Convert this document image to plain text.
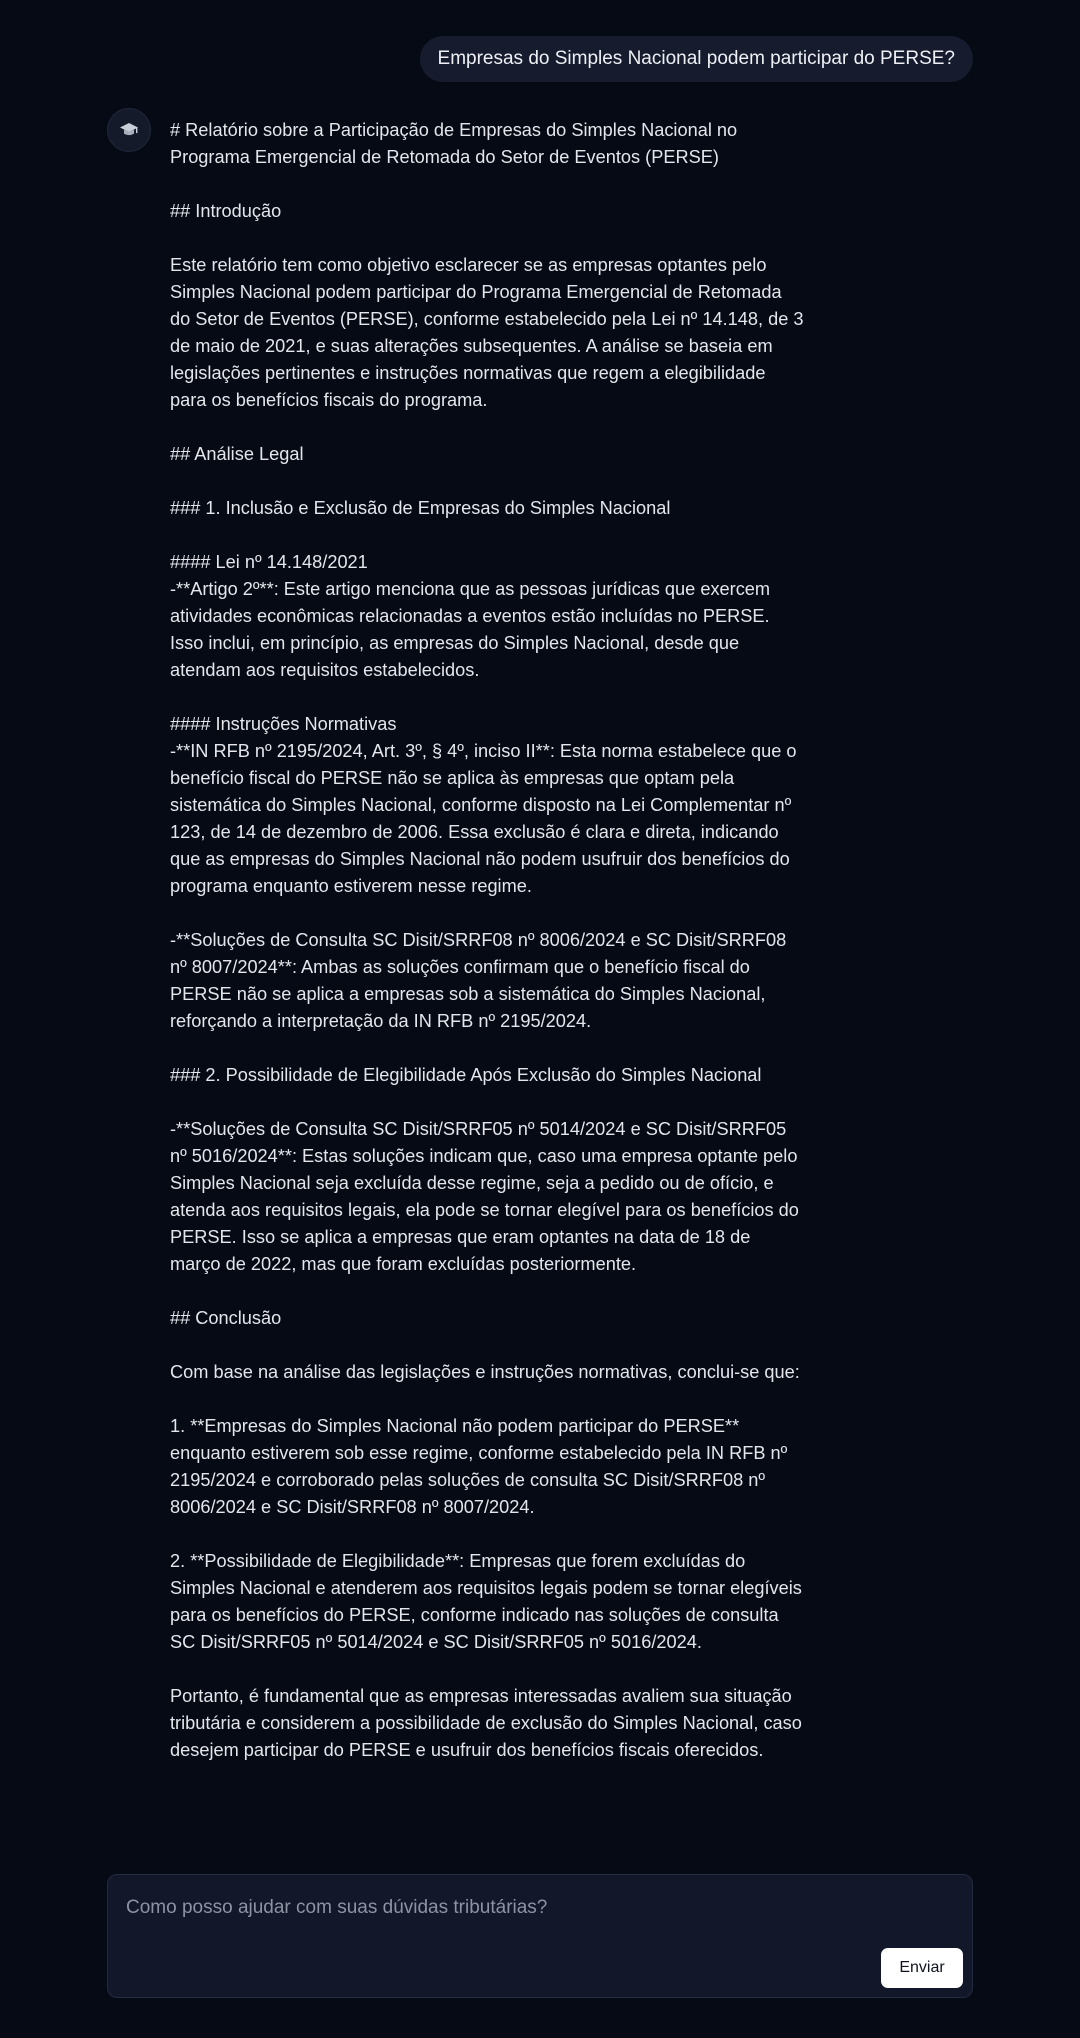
Empresas do Simples Nacional podem participar do PERSE?

# Relatório sobre a Participação de Empresas do Simples Nacional no Programa Emergencial de Retomada do Setor de Eventos (PERSE)

## Introdução

Este relatório tem como objetivo esclarecer se as empresas optantes pelo Simples Nacional podem participar do Programa Emergencial de Retomada do Setor de Eventos (PERSE), conforme estabelecido pela Lei nº 14.148, de 3 de maio de 2021, e suas alterações subsequentes. A análise se baseia em legislações pertinentes e instruções normativas que regem a elegibilidade para os benefícios fiscais do programa.

## Análise Legal

### 1. Inclusão e Exclusão de Empresas do Simples Nacional

#### Lei nº 14.148/2021
-**Artigo 2º**: Este artigo menciona que as pessoas jurídicas que exercem atividades econômicas relacionadas a eventos estão incluídas no PERSE. Isso inclui, em princípio, as empresas do Simples Nacional, desde que atendam aos requisitos estabelecidos.

#### Instruções Normativas
-**IN RFB nº 2195/2024, Art. 3º, § 4º, inciso II**: Esta norma estabelece que o benefício fiscal do PERSE não se aplica às empresas que optam pela sistemática do Simples Nacional, conforme disposto na Lei Complementar nº 123, de 14 de dezembro de 2006. Essa exclusão é clara e direta, indicando que as empresas do Simples Nacional não podem usufruir dos benefícios do programa enquanto estiverem nesse regime.

-**Soluções de Consulta SC Disit/SRRF08 nº 8006/2024 e SC Disit/SRRF08 nº 8007/2024**: Ambas as soluções confirmam que o benefício fiscal do PERSE não se aplica a empresas sob a sistemática do Simples Nacional, reforçando a interpretação da IN RFB nº 2195/2024.

### 2. Possibilidade de Elegibilidade Após Exclusão do Simples Nacional

-**Soluções de Consulta SC Disit/SRRF05 nº 5014/2024 e SC Disit/SRRF05 nº 5016/2024**: Estas soluções indicam que, caso uma empresa optante pelo Simples Nacional seja excluída desse regime, seja a pedido ou de ofício, e atenda aos requisitos legais, ela pode se tornar elegível para os benefícios do PERSE. Isso se aplica a empresas que eram optantes na data de 18 de março de 2022, mas que foram excluídas posteriormente.

## Conclusão

Com base na análise das legislações e instruções normativas, conclui-se que:

1. **Empresas do Simples Nacional não podem participar do PERSE** enquanto estiverem sob esse regime, conforme estabelecido pela IN RFB nº 2195/2024 e corroborado pelas soluções de consulta SC Disit/SRRF08 nº 8006/2024 e SC Disit/SRRF08 nº 8007/2024.

2. **Possibilidade de Elegibilidade**: Empresas que forem excluídas do Simples Nacional e atenderem aos requisitos legais podem se tornar elegíveis para os benefícios do PERSE, conforme indicado nas soluções de consulta SC Disit/SRRF05 nº 5014/2024 e SC Disit/SRRF05 nº 5016/2024.

Portanto, é fundamental que as empresas interessadas avaliem sua situação tributária e considerem a possibilidade de exclusão do Simples Nacional, caso desejem participar do PERSE e usufruir dos benefícios fiscais oferecidos.

Como posso ajudar com suas dúvidas tributárias?
Enviar
